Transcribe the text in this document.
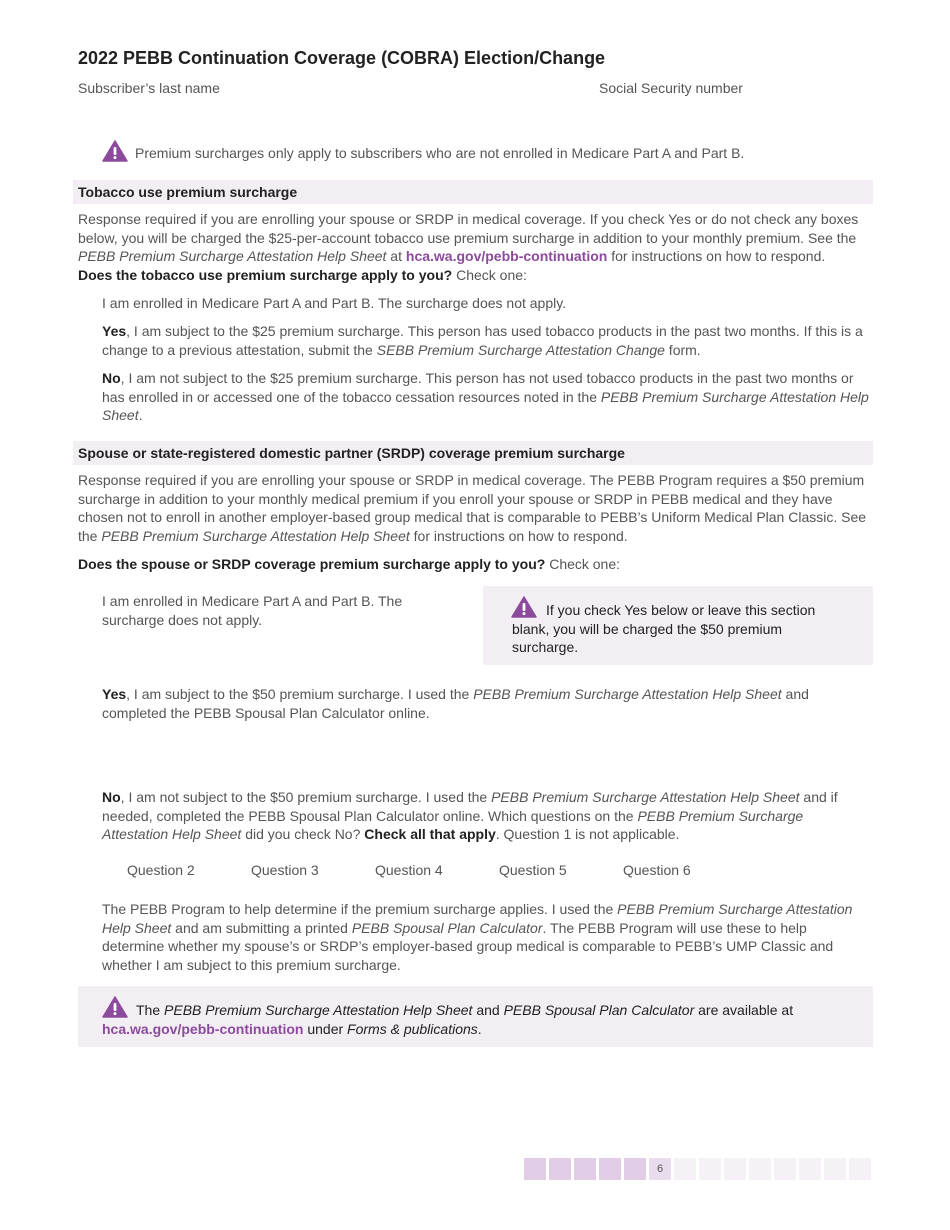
2022 PEBB Continuation Coverage (COBRA) Election/Change
Subscriber’s last name	Social Security number
Premium surcharges only apply to subscribers who are not enrolled in Medicare Part A and Part B.
Tobacco use premium surcharge
Response required if you are enrolling your spouse or SRDP in medical coverage. If you check Yes or do not check any boxes below, you will be charged the $25-per-account tobacco use premium surcharge in addition to your monthly premium. See the PEBB Premium Surcharge Attestation Help Sheet at hca.wa.gov/pebb-continuation for instructions on how to respond.
Does the tobacco use premium surcharge apply to you? Check one:
I am enrolled in Medicare Part A and Part B. The surcharge does not apply.
Yes, I am subject to the $25 premium surcharge. This person has used tobacco products in the past two months. If this is a change to a previous attestation, submit the SEBB Premium Surcharge Attestation Change form.
No, I am not subject to the $25 premium surcharge. This person has not used tobacco products in the past two months or has enrolled in or accessed one of the tobacco cessation resources noted in the PEBB Premium Surcharge Attestation Help Sheet.
Spouse or state-registered domestic partner (SRDP) coverage premium surcharge
Response required if you are enrolling your spouse or SRDP in medical coverage. The PEBB Program requires a $50 premium surcharge in addition to your monthly medical premium if you enroll your spouse or SRDP in PEBB medical and they have chosen not to enroll in another employer-based group medical that is comparable to PEBB’s Uniform Medical Plan Classic. See the PEBB Premium Surcharge Attestation Help Sheet for instructions on how to respond.
Does the spouse or SRDP coverage premium surcharge apply to you? Check one:
I am enrolled in Medicare Part A and Part B. The surcharge does not apply.
If you check Yes below or leave this section blank, you will be charged the $50 premium surcharge.
Yes, I am subject to the $50 premium surcharge. I used the PEBB Premium Surcharge Attestation Help Sheet and completed the PEBB Spousal Plan Calculator online.
No, I am not subject to the $50 premium surcharge. I used the PEBB Premium Surcharge Attestation Help Sheet and if needed, completed the PEBB Spousal Plan Calculator online. Which questions on the PEBB Premium Surcharge Attestation Help Sheet did you check No? Check all that apply. Question 1 is not applicable.
Question 2	Question 3	Question 4	Question 5	Question 6
The PEBB Program to help determine if the premium surcharge applies. I used the PEBB Premium Surcharge Attestation Help Sheet and am submitting a printed PEBB Spousal Plan Calculator. The PEBB Program will use these to help determine whether my spouse’s or SRDP’s employer-based group medical is comparable to PEBB’s UMP Classic and whether I am subject to this premium surcharge.
The PEBB Premium Surcharge Attestation Help Sheet and PEBB Spousal Plan Calculator are available at hca.wa.gov/pebb-continuation under Forms & publications.
6
